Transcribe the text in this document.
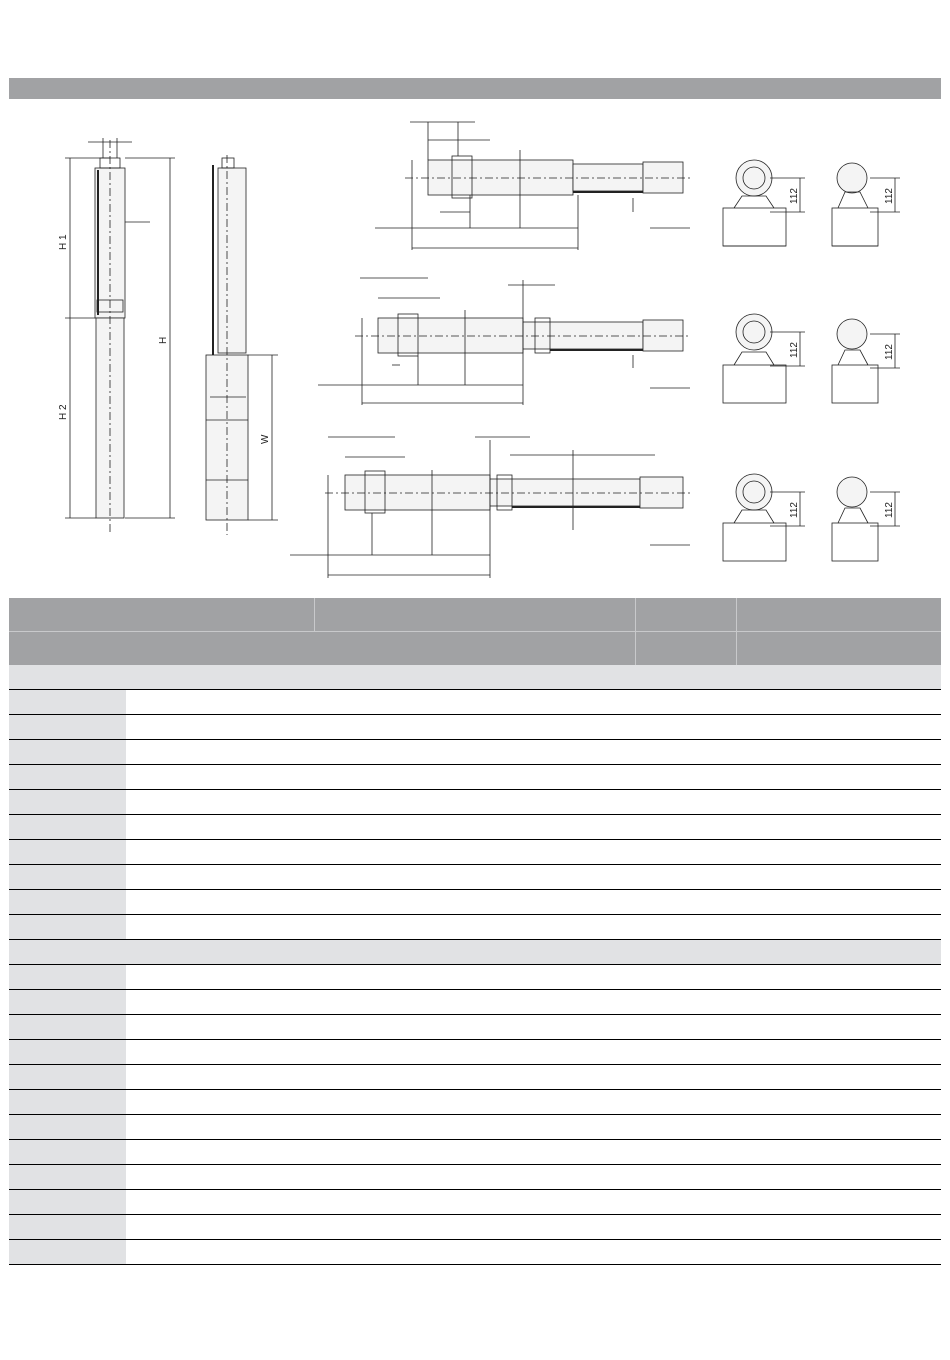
H 1
H 2
H
W
112	112
112	112
112	112
